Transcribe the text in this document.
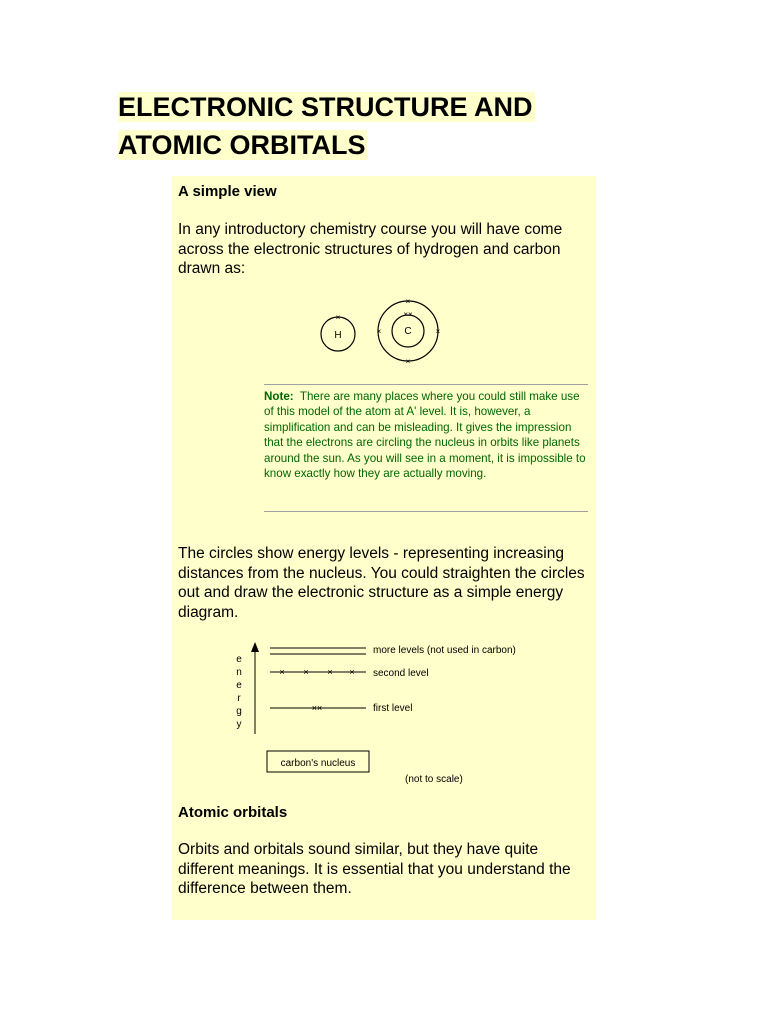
ELECTRONIC STRUCTURE AND
ATOMIC ORBITALS
A simple view

In any introductory chemistry course you will have come across the electronic structures of hydrogen and carbon drawn as:

H
×
C
××
×
×
×	×

Note: There are many places where you could still make use of this model of the atom at A' level. It is, however, a simplification and can be misleading. It gives the impression that the electrons are circling the nucleus in orbits like planets around the sun. As you will see in a moment, it is impossible to know exactly how they are actually moving.

The circles show energy levels - representing increasing distances from the nucleus. You could straighten the circles out and draw the electronic structure as a simple energy diagram.

e
n
e
r
g
y
more levels (not used in carbon)
× × × × second level
××	first level
carbon's nucleus
(not to scale)
Atomic orbitals

Orbits and orbitals sound similar, but they have quite different meanings. It is essential that you understand the difference between them.
